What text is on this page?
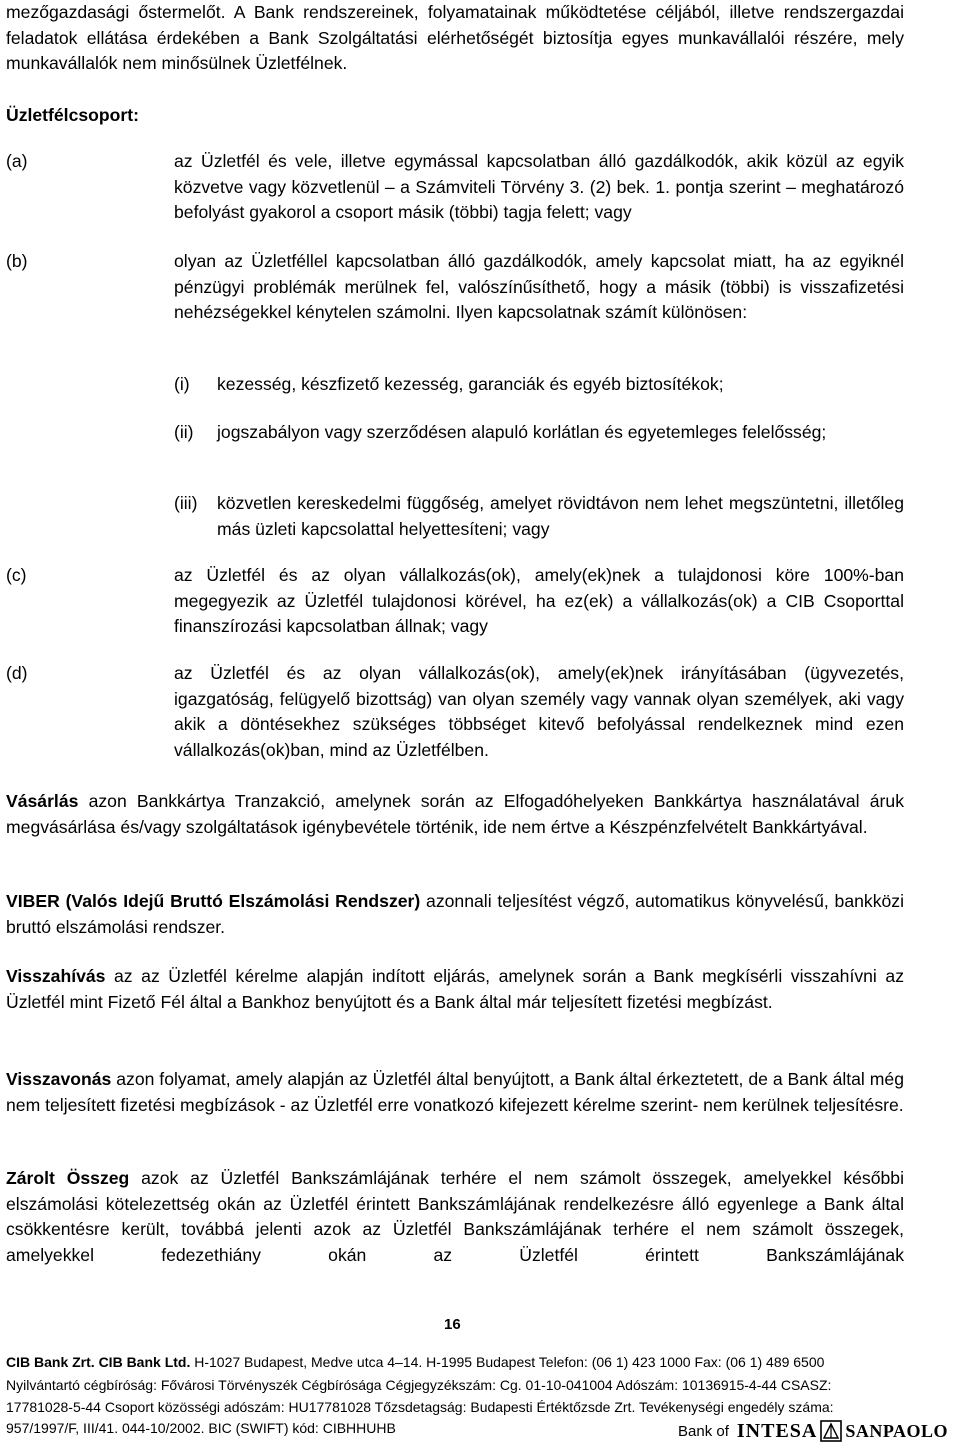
mezőgazdasági őstermelőt. A Bank rendszereinek, folyamatainak működtetése céljából, illetve rendszergazdai feladatok ellátása érdekében a Bank Szolgáltatási elérhetőségét biztosítja egyes munkavállalói részére, mely munkavállalók nem minősülnek Üzletfélnek.

Üzletfélcsoport:
(a)	az Üzletfél és vele, illetve egymással kapcsolatban álló gazdálkodók, akik közül az egyik közvetve vagy közvetlenül – a Számviteli Törvény 3. (2) bek. 1. pontja szerint – meghatározó befolyást gyakorol a csoport másik (többi) tagja felett; vagy

(b)	olyan az Üzletféllel kapcsolatban álló gazdálkodók, amely kapcsolat miatt, ha az egyiknél pénzügyi problémák merülnek fel, valószínűsíthető, hogy a másik (többi) is visszafizetési nehézségekkel kénytelen számolni. Ilyen kapcsolatnak számít különösen:

(i) kezesség, készfizető kezesség, garanciák és egyéb biztosítékok;

(ii) jogszabályon vagy szerződésen alapuló korlátlan és egyetemleges felelősség;

(iii) közvetlen kereskedelmi függőség, amelyet rövidtávon nem lehet megszüntetni, illetőleg más üzleti kapcsolattal helyettesíteni; vagy

(c)	az Üzletfél és az olyan vállalkozás(ok), amely(ek)nek a tulajdonosi köre 100%-ban megegyezik az Üzletfél tulajdonosi körével, ha ez(ek) a vállalkozás(ok) a CIB Csoporttal finanszírozási kapcsolatban állnak; vagy

(d)	az Üzletfél és az olyan vállalkozás(ok), amely(ek)nek irányításában (ügyvezetés, igazgatóság, felügyelő bizottság) van olyan személy vagy vannak olyan személyek, aki vagy akik a döntésekhez szükséges többséget kitevő befolyással rendelkeznek mind ezen vállalkozás(ok)ban, mind az Üzletfélben.

Vásárlás azon Bankkártya Tranzakció, amelynek során az Elfogadóhelyeken Bankkártya használatával áruk megvásárlása és/vagy szolgáltatások igénybevétele történik, ide nem értve a Készpénzfelvételt Bankkártyával.

VIBER (Valós Idejű Bruttó Elszámolási Rendszer) azonnali teljesítést végző, automatikus könyvelésű, bankközi bruttó elszámolási rendszer.

Visszahívás az az Üzletfél kérelme alapján indított eljárás, amelynek során a Bank megkísérli visszahívni az Üzletfél mint Fizető Fél által a Bankhoz benyújtott és a Bank által már teljesített fizetési megbízást.

Visszavonás azon folyamat, amely alapján az Üzletfél által benyújtott, a Bank által érkeztetett, de a Bank által még nem teljesített fizetési megbízások - az Üzletfél erre vonatkozó kifejezett kérelme szerint- nem kerülnek teljesítésre.

Zárolt Összeg azok az Üzletfél Bankszámlájának terhére el nem számolt összegek, amelyekkel későbbi elszámolási kötelezettség okán az Üzletfél érintett Bankszámlájának rendelkezésre álló egyenlege a Bank által csökkentésre került, továbbá jelenti azok az Üzletfél Bankszámlájának terhére el nem számolt összegek, amelyekkel fedezethiány okán az Üzletfél érintett Bankszámlájának

16
CIB Bank Zrt. CIB Bank Ltd. H-1027 Budapest, Medve utca 4–14. H-1995 Budapest Telefon: (06 1) 423 1000 Fax: (06 1) 489 6500
Nyilvántartó cégbíróság: Fővárosi Törvényszék Cégbírósága Cégjegyzékszám: Cg. 01-10-041004 Adószám: 10136915-4-44 CSASZ:
17781028-5-44 Csoport közösségi adószám: HU17781028 Tőzsdetagság: Budapesti Értéktőzsde Zrt. Tevékenységi engedély száma:
957/1997/F, III/41. 044-10/2002. BIC (SWIFT) kód: CIBHHUHB	Bank of INTESA SANPAOLO
